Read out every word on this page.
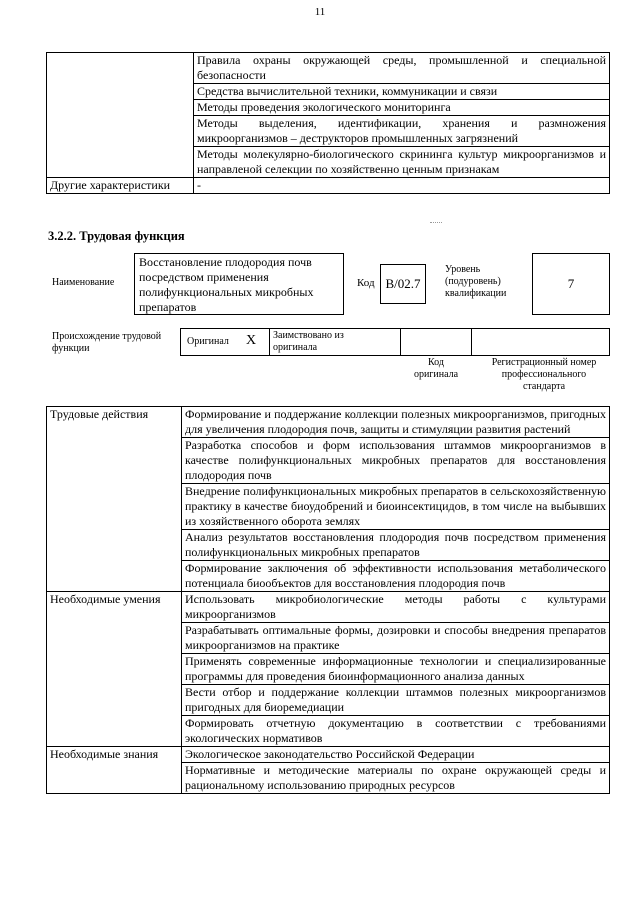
11
	Правила охраны окружающей среды, промышленной и специальной безопасности
	Средства вычислительной техники, коммуникации и связи
	Методы проведения экологического мониторинга
	Методы выделения, идентификации, хранения и размножения микроорганизмов – деструкторов промышленных загрязнений
	Методы молекулярно-биологического скрининга культур микроорганизмов и направленой селекции по хозяйственно ценным признакам
Другие характеристики	-
3.2.2. Трудовая функция
Наименование
Восстановление плодородия почв посредством применения полифункциональных микробных препаратов
Код В/02.7
Уровень (подуровень) квалификации
7
Происхождение трудовой функции
Оригинал X Заимствовано из оригинала
Код оригинала
Регистрационный номер профессионального стандарта
Трудовые действия	Формирование и поддержание коллекции полезных микроорганизмов, пригодных для увеличения плодородия почв, защиты и стимуляции развития растений
	Разработка способов и форм использования штаммов микроорганизмов в качестве полифункциональных микробных препаратов для восстановления плодородия почв
	Внедрение полифункциональных микробных препаратов в сельскохозяйственную практику в качестве биоудобрений и биоинсектицидов, в том числе на выбывших из хозяйственного оборота землях
	Анализ результатов восстановления плодородия почв посредством применения полифункциональных микробных препаратов
	Формирование заключения об эффективности использования метаболического потенциала биообъектов для восстановления плодородия почв
Необходимые умения	Использовать микробиологические методы работы с культурами микроорганизмов
	Разрабатывать оптимальные формы, дозировки и способы внедрения препаратов микроорганизмов на практике
	Применять современные информационные технологии и специализированные программы для проведения биоинформационного анализа данных
	Вести отбор и поддержание коллекции штаммов полезных микроорганизмов пригодных для биоремедиации
	Формировать отчетную документацию в соответствии с требованиями экологических нормативов
Необходимые знания	Экологическое законодательство Российской Федерации
	Нормативные и методические материалы по охране окружающей среды и рациональному использованию природных ресурсов
